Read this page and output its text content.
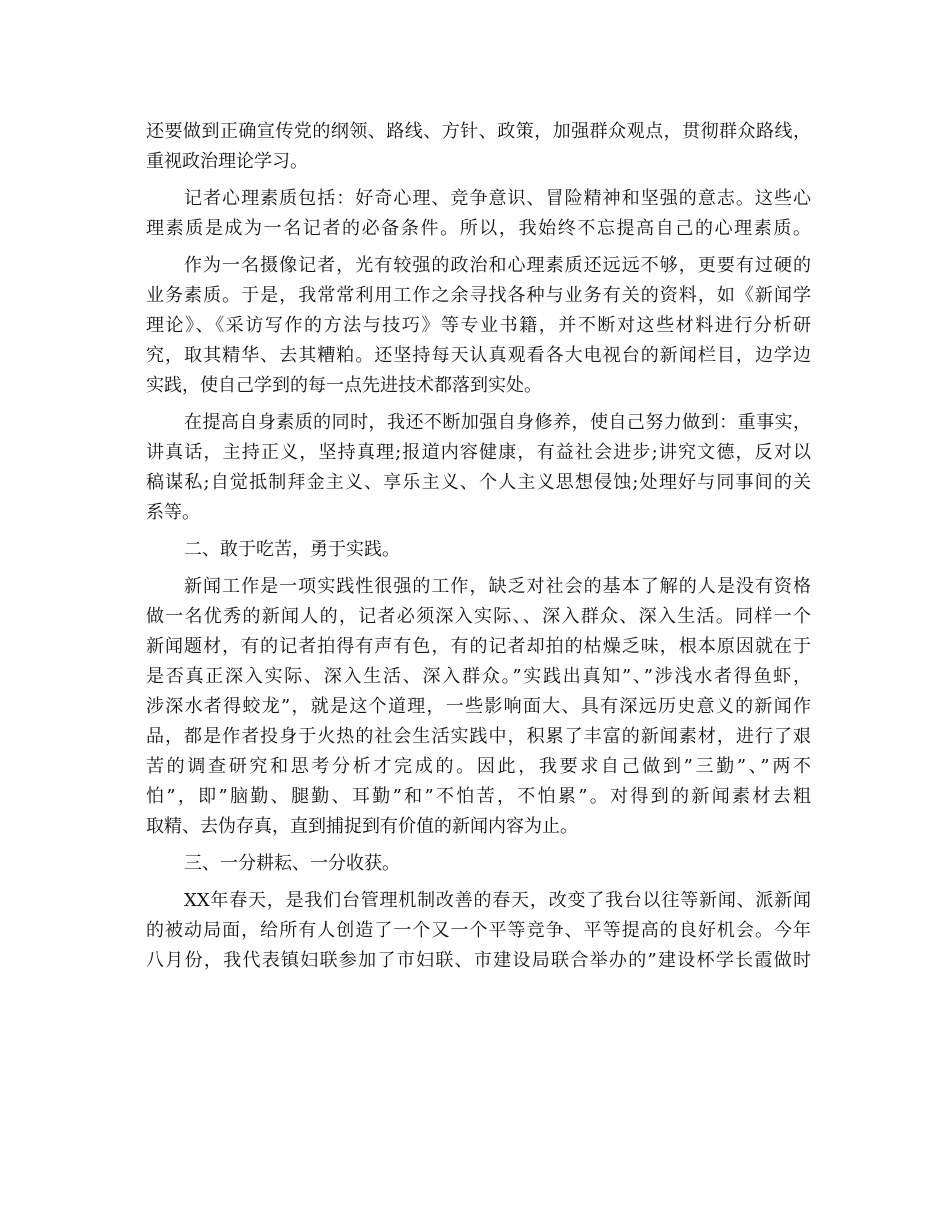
还要做到正确宣传党的纲领、路线、方针、政策，加强群众观点，贯彻群众路线，
重视政治理论学习。
记者心理素质包括：好奇心理、竞争意识、冒险精神和坚强的意志。这些心
理素质是成为一名记者的必备条件。所以，我始终不忘提高自己的心理素质。
作为一名摄像记者，光有较强的政治和心理素质还远远不够，更要有过硬的
业务素质。于是，我常常利用工作之余寻找各种与业务有关的资料，如《新闻学
理论》、《采访写作的方法与技巧》等专业书籍，并不断对这些材料进行分析研
究，取其精华、去其糟粕。还坚持每天认真观看各大电视台的新闻栏目，边学边
实践，使自己学到的每一点先进技术都落到实处。
在提高自身素质的同时，我还不断加强自身修养，使自己努力做到：重事实，
讲真话，主持正义，坚持真理;报道内容健康，有益社会进步;讲究文德，反对以
稿谋私;自觉抵制拜金主义、享乐主义、个人主义思想侵蚀;处理好与同事间的关
系等。
二、敢于吃苦，勇于实践。
新闻工作是一项实践性很强的工作，缺乏对社会的基本了解的人是没有资格
做一名优秀的新闻人的，记者必须深入实际、、深入群众、深入生活。同样一个
新闻题材，有的记者拍得有声有色，有的记者却拍的枯燥乏味，根本原因就在于
是否真正深入实际、深入生活、深入群众。”实践出真知”、”涉浅水者得鱼虾，
涉深水者得蛟龙”，就是这个道理，一些影响面大、具有深远历史意义的新闻作
品，都是作者投身于火热的社会生活实践中，积累了丰富的新闻素材，进行了艰
苦的调查研究和思考分析才完成的。因此，我要求自己做到”三勤”、”两不
怕”，即”脑勤、腿勤、耳勤”和”不怕苦，不怕累”。对得到的新闻素材去粗
取精、去伪存真，直到捕捉到有价值的新闻内容为止。
三、一分耕耘、一分收获。
XX年春天，是我们台管理机制改善的春天，改变了我台以往等新闻、派新闻
的被动局面，给所有人创造了一个又一个平等竞争、平等提高的良好机会。今年
八月份，我代表镇妇联参加了市妇联、市建设局联合举办的”建设杯学长霞做时
